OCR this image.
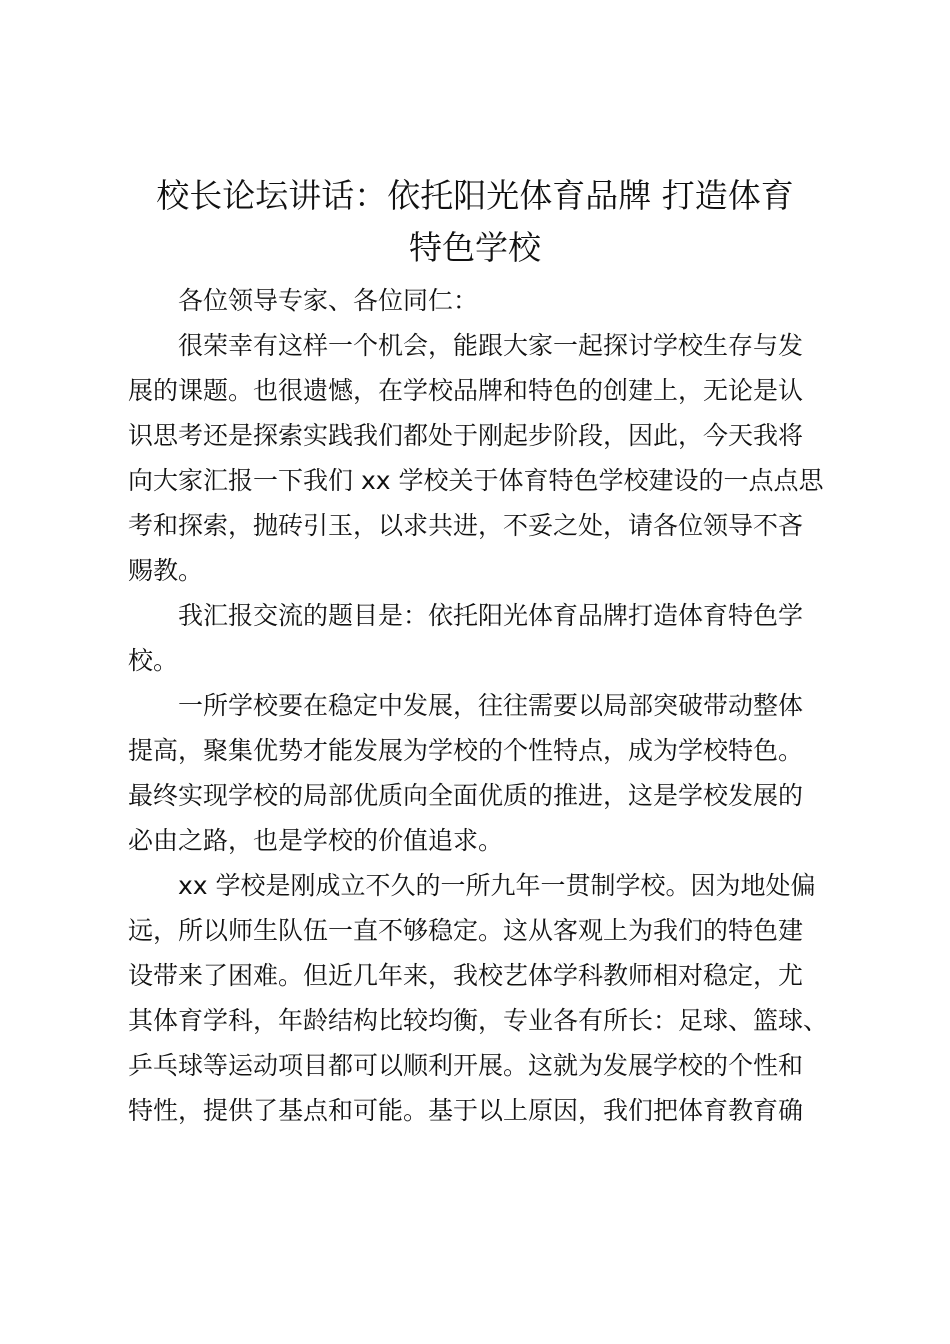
校长论坛讲话：依托阳光体育品牌 打造体育
特色学校
各位领导专家、各位同仁：
很荣幸有这样一个机会，能跟大家一起探讨学校生存与发
展的课题。也很遗憾，在学校品牌和特色的创建上，无论是认
识思考还是探索实践我们都处于刚起步阶段，因此，今天我将
向大家汇报一下我们 xx 学校关于体育特色学校建设的一点点思
考和探索，抛砖引玉，以求共进，不妥之处，请各位领导不吝
赐教。
我汇报交流的题目是：依托阳光体育品牌打造体育特色学
校。
一所学校要在稳定中发展，往往需要以局部突破带动整体
提高，聚集优势才能发展为学校的个性特点，成为学校特色。
最终实现学校的局部优质向全面优质的推进，这是学校发展的
必由之路，也是学校的价值追求。
xx 学校是刚成立不久的一所九年一贯制学校。因为地处偏
远，所以师生队伍一直不够稳定。这从客观上为我们的特色建
设带来了困难。但近几年来，我校艺体学科教师相对稳定，尤
其体育学科，年龄结构比较均衡，专业各有所长：足球、篮球、
乒乓球等运动项目都可以顺利开展。这就为发展学校的个性和
特性，提供了基点和可能。基于以上原因，我们把体育教育确
